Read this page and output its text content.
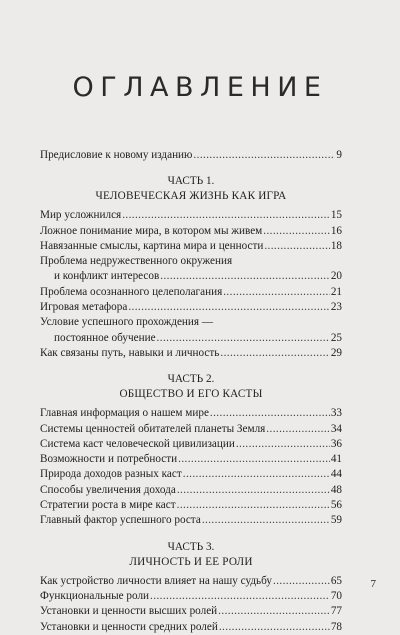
ОГЛАВЛЕНИЕ
Предисловие к новому изданию .....	9
ЧАСТЬ 1.
ЧЕЛОВЕЧЕСКАЯ ЖИЗНЬ КАК ИГРА
Мир усложнился .....	15
Ложное понимание мира, в котором мы живем .....	16
Навязанные смыслы, картина мира и ценности .....	18
Проблема недружественного окружения
и конфликт интересов .....	20
Проблема осознанного целеполагания .....	21
Игровая метафора .....	23
Условие успешного прохождения —
постоянное обучение .....	25
Как связаны путь, навыки и личность .....	29
ЧАСТЬ 2.
ОБЩЕСТВО И ЕГО КАСТЫ
Главная информация о нашем мире .....	33
Системы ценностей обитателей планеты Земля .....	34
Система каст человеческой цивилизации .....	36
Возможности и потребности .....	41
Природа доходов разных каст .....	44
Способы увеличения дохода .....	48
Стратегии роста в мире каст .....	56
Главный фактор успешного роста .....	59
ЧАСТЬ 3.
ЛИЧНОСТЬ И ЕЕ РОЛИ
Как устройство личности влияет на нашу судьбу .....	65
Функциональные роли .....	70
Установки и ценности высших ролей .....	77
Установки и ценности средних ролей .....	78
7
